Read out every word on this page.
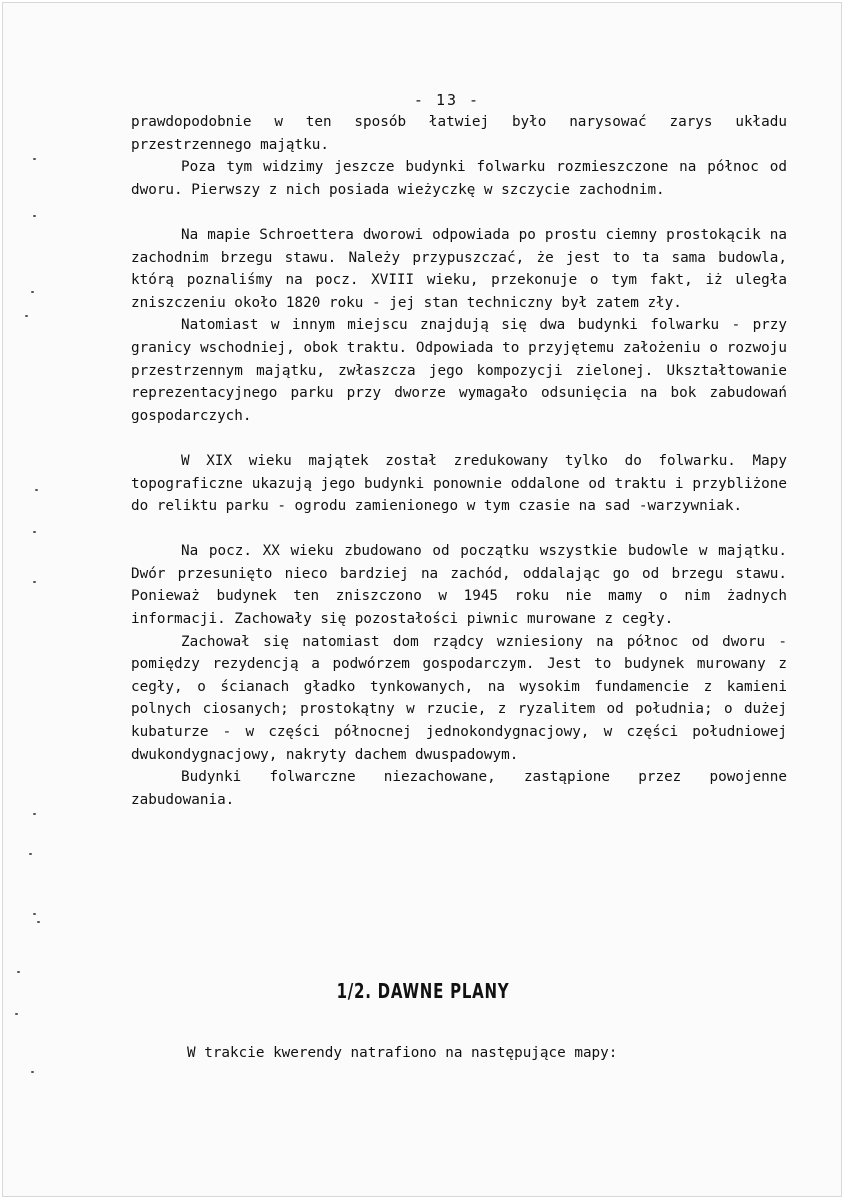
- 13 -

prawdopodobnie w ten sposób łatwiej było narysować zarys układu przestrzennego majątku.

Poza tym widzimy jeszcze budynki folwarku rozmieszczone na północ od dworu. Pierwszy z nich posiada wieżyczkę w szczycie zachodnim.

Na mapie Schroettera dworowi odpowiada po prostu ciemny prostokącik na zachodnim brzegu stawu. Należy przypuszczać, że jest to ta sama budowla, którą poznaliśmy na pocz. XVIII wieku, przekonuje o tym fakt, iż uległa zniszczeniu około 1820 roku - jej stan techniczny był zatem zły.

Natomiast w innym miejscu znajdują się dwa budynki folwarku - przy granicy wschodniej, obok traktu. Odpowiada to przyjętemu założeniu o rozwoju przestrzennym majątku, zwłaszcza jego kompozycji zielonej. Ukształtowanie reprezentacyjnego parku przy dworze wymagało odsunięcia na bok zabudowań gospodarczych.

W XIX wieku majątek został zredukowany tylko do folwarku. Mapy topograficzne ukazują jego budynki ponownie oddalone od traktu i przybliżone do reliktu parku - ogrodu zamienionego w tym czasie na sad -warzywniak.

Na pocz. XX wieku zbudowano od początku wszystkie budowle w majątku. Dwór przesunięto nieco bardziej na zachód, oddalając go od brzegu stawu. Ponieważ budynek ten zniszczono w 1945 roku nie mamy o nim żadnych informacji. Zachowały się pozostałości piwnic murowane z cegły.

Zachował się natomiast dom rządcy wzniesiony na północ od dworu - pomiędzy rezydencją a podwórzem gospodarczym. Jest to budynek murowany z cegły, o ścianach gładko tynkowanych, na wysokim fundamencie z kamieni polnych ciosanych; prostokątny w rzucie, z ryzalitem od południa; o dużej kubaturze - w części północnej jednokondygnacjowy, w części południowej dwukondygnacjowy, nakryty dachem dwuspadowym.

Budynki folwarczne niezachowane, zastąpione przez powojenne zabudowania.

1/2. DAWNE PLANY
W trakcie kwerendy natrafiono na następujące mapy:
